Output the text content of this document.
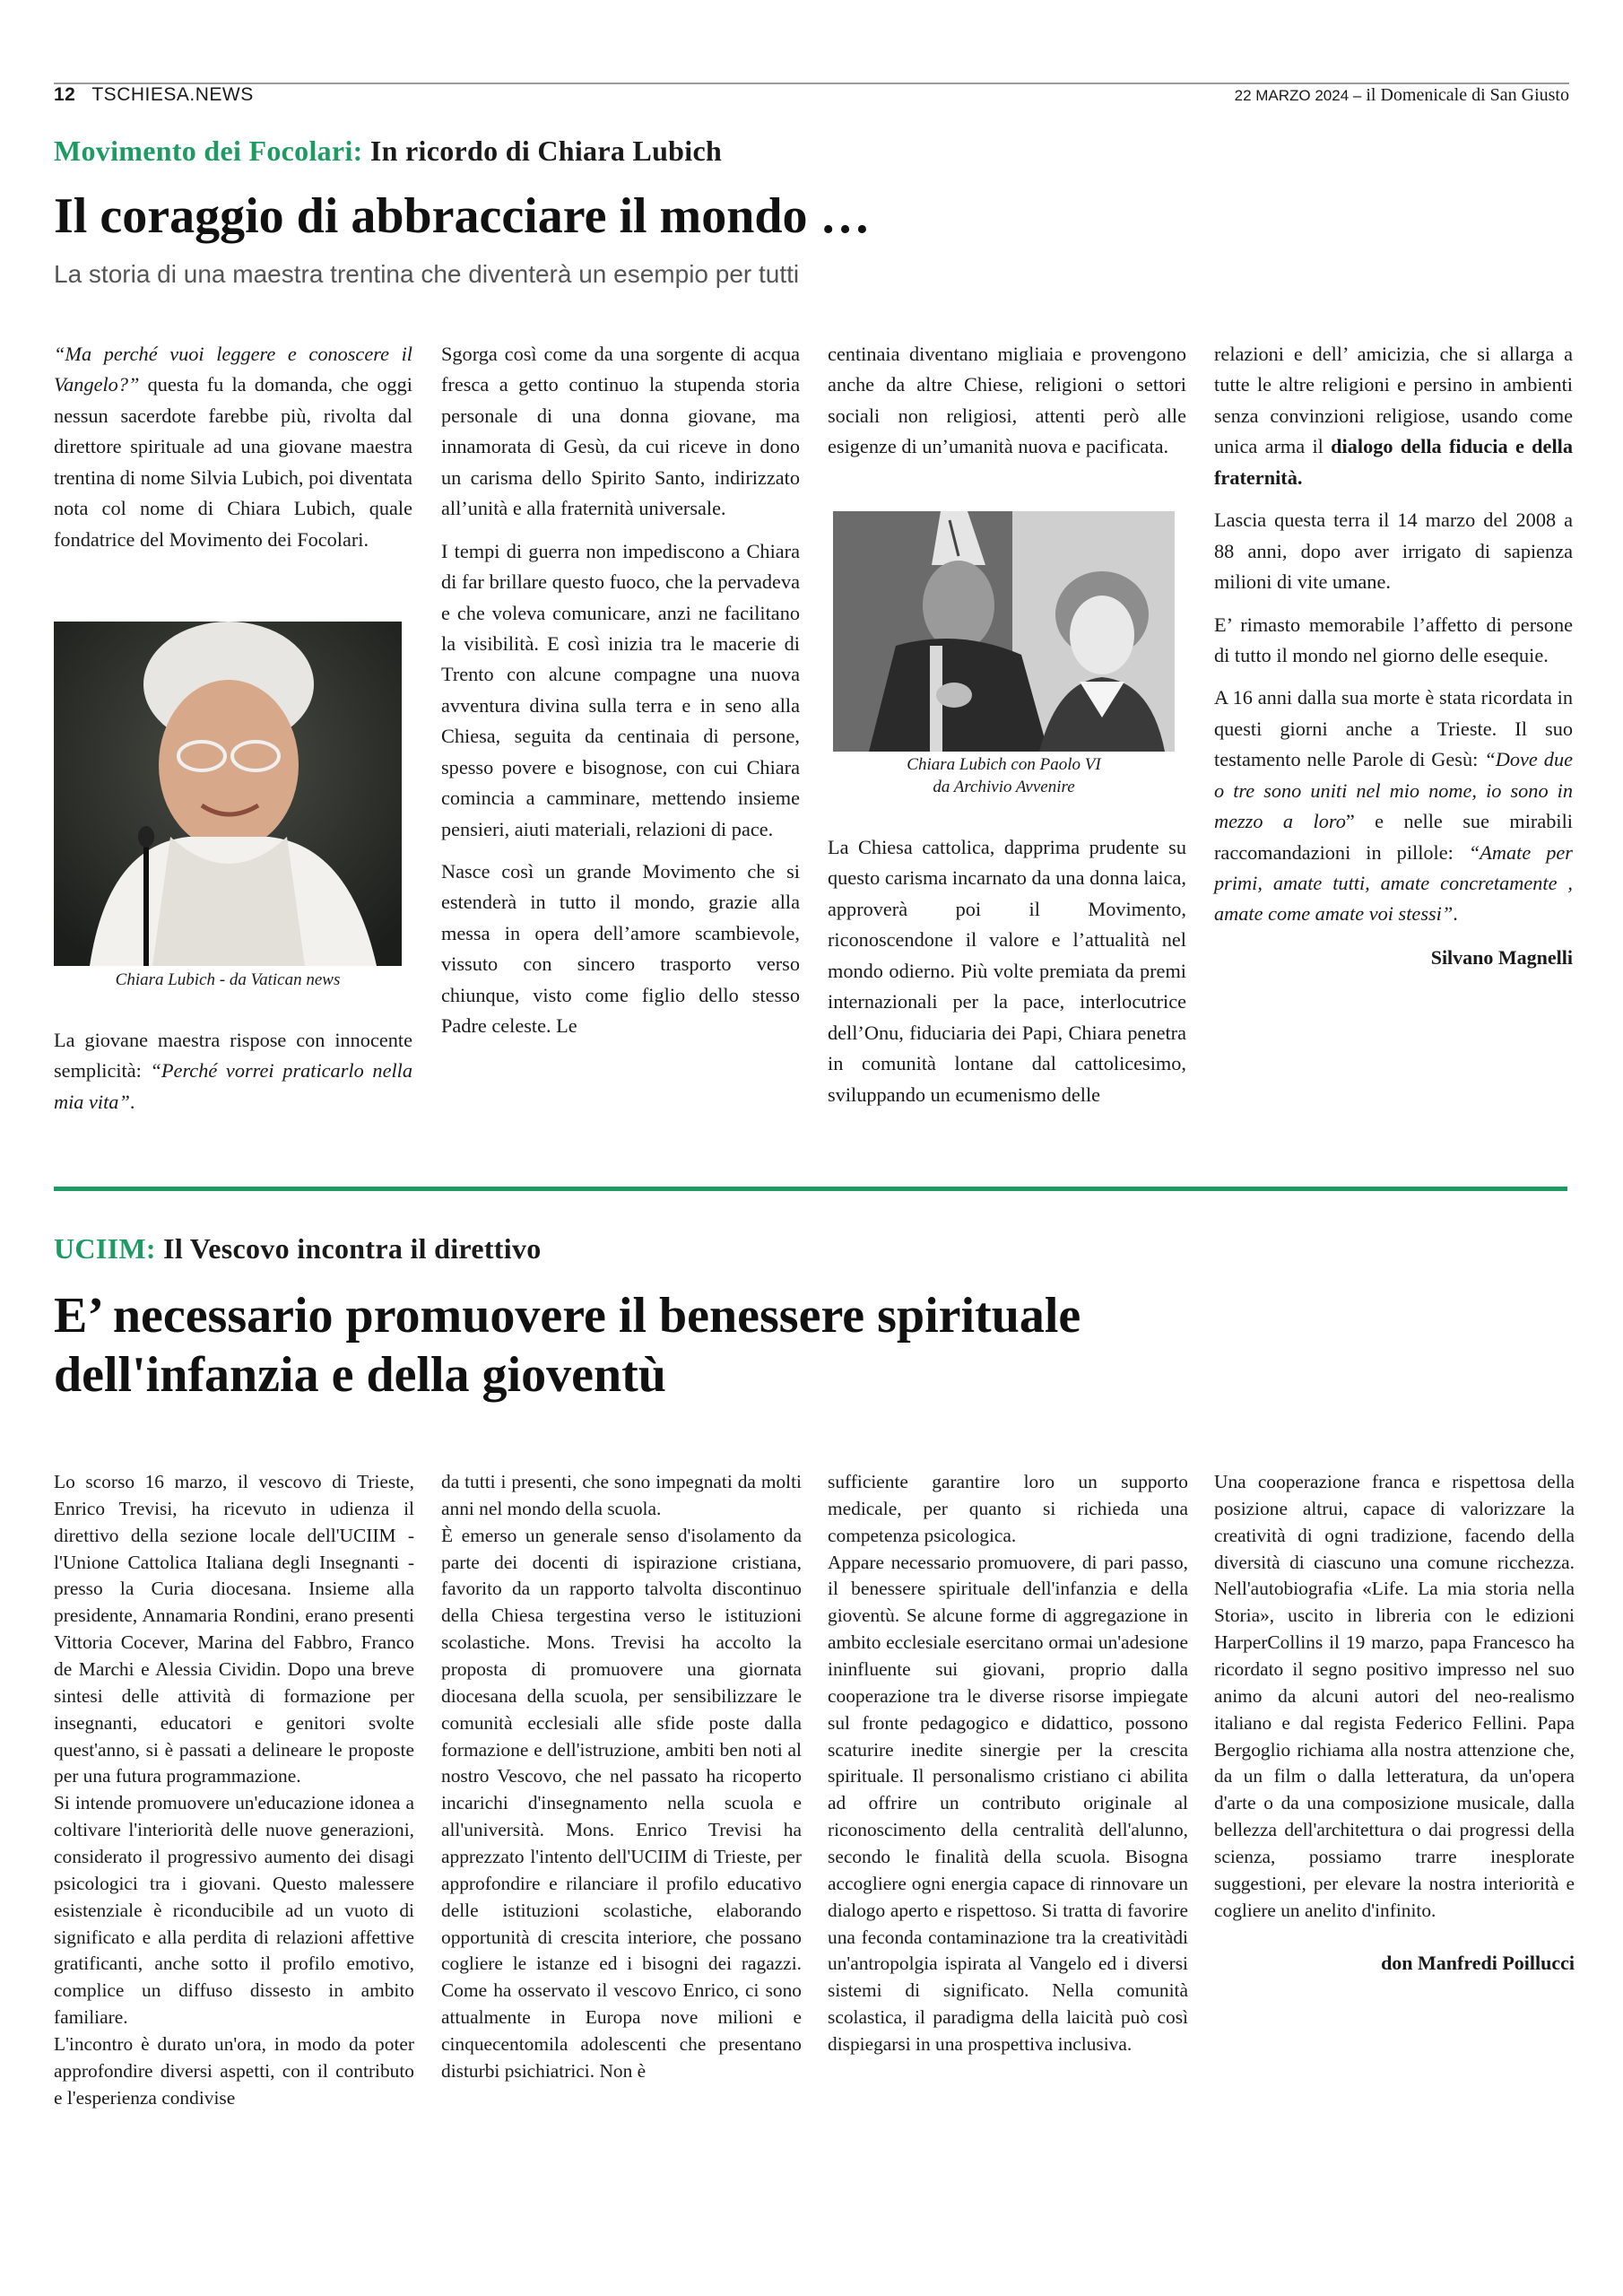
12 TSCHIESA.NEWS	22 MARZO 2024 – il Domenicale di San Giusto
Movimento dei Focolari: In ricordo di Chiara Lubich
Il coraggio di abbracciare il mondo …
La storia di una maestra trentina che diventerà un esempio per tutti

“Ma perché vuoi leggere e conoscere il Vangelo?” questa fu la domanda, che oggi nessun sacerdote farebbe più, rivolta dal direttore spirituale ad una giovane maestra trentina di nome Silvia Lubich, poi diventata nota col nome di Chiara Lubich, quale fondatrice del Movimento dei Focolari.

Chiara Lubich - da Vatican news

La giovane maestra rispose con innocente semplicità: “Perché vorrei praticarlo nella mia vita”.

Sgorga così come da una sorgente di acqua fresca a getto continuo la stupenda storia personale di una donna giovane, ma innamorata di Gesù, da cui riceve in dono un carisma dello Spirito Santo, indirizzato all’unità e alla fraternità universale.

I tempi di guerra non impediscono a Chiara di far brillare questo fuoco, che la pervadeva e che voleva comunicare, anzi ne facilitano la visibilità. E così inizia tra le macerie di Trento con alcune compagne una nuova avventura divina sulla terra e in seno alla Chiesa, seguita da centinaia di persone, spesso povere e bisognose, con cui Chiara comincia a camminare, mettendo insieme pensieri, aiuti materiali, relazioni di pace.

Nasce così un grande Movimento che si estenderà in tutto il mondo, grazie alla messa in opera dell’amore scambievole, vissuto con sincero trasporto verso chiunque, visto come figlio dello stesso Padre celeste. Le

centinaia diventano migliaia e provengono anche da altre Chiese, religioni o settori sociali non religiosi, attenti però alle esigenze di un’umanità nuova e pacificata.

Chiara Lubich con Paolo VI
da Archivio Avvenire

La Chiesa cattolica, dapprima prudente su questo carisma incarnato da una donna laica, approverà poi il Movimento, riconoscendone il valore e l’attualità nel mondo odierno. Più volte premiata da premi internazionali per la pace, interlocutrice dell’Onu, fiduciaria dei Papi, Chiara penetra in comunità lontane dal cattolicesimo, sviluppando un ecumenismo delle

relazioni e dell’ amicizia, che si allarga a tutte le altre religioni e persino in ambienti senza convinzioni religiose, usando come unica arma il dialogo della fiducia e della fraternità.

Lascia questa terra il 14 marzo del 2008 a 88 anni, dopo aver irrigato di sapienza milioni di vite umane.

E’ rimasto memorabile l’affetto di persone di tutto il mondo nel giorno delle esequie.

A 16 anni dalla sua morte è stata ricordata in questi giorni anche a Trieste. Il suo testamento nelle Parole di Gesù: “Dove due o tre sono uniti nel mio nome, io sono in mezzo a loro” e nelle sue mirabili raccomandazioni in pillole: “Amate per primi, amate tutti, amate concretamente , amate come amate voi stessi”.

Silvano Magnelli
UCIIM: Il Vescovo incontra il direttivo
E’ necessario promuovere il benessere spirituale
dell'infanzia e della gioventù

Lo scorso 16 marzo, il vescovo di Trieste, Enrico Trevisi, ha ricevuto in udienza il direttivo della sezione locale dell'UCIIM - l'Unione Cattolica Italiana degli Insegnanti - presso la Curia diocesana. Insieme alla presidente, Annamaria Rondini, erano presenti Vittoria Cocever, Marina del Fabbro, Franco de Marchi e Alessia Cividin. Dopo una breve sintesi delle attività di formazione per insegnanti, educatori e genitori svolte quest'anno, si è passati a delineare le proposte per una futura programmazione.

Si intende promuovere un'educazione idonea a coltivare l'interiorità delle nuove generazioni, considerato il progressivo aumento dei disagi psicologici tra i giovani. Questo malessere esistenziale è riconducibile ad un vuoto di significato e alla perdita di relazioni affettive gratificanti, anche sotto il profilo emotivo, complice un diffuso dissesto in ambito familiare.

L'incontro è durato un'ora, in modo da poter approfondire diversi aspetti, con il contributo e l'esperienza condivise

da tutti i presenti, che sono impegnati da molti anni nel mondo della scuola.

È emerso un generale senso d'isolamento da parte dei docenti di ispirazione cristiana, favorito da un rapporto talvolta discontinuo della Chiesa tergestina verso le istituzioni scolastiche. Mons. Trevisi ha accolto la proposta di promuovere una giornata diocesana della scuola, per sensibilizzare le comunità ecclesiali alle sfide poste dalla formazione e dell'istruzione, ambiti ben noti al nostro Vescovo, che nel passato ha ricoperto incarichi d'insegnamento nella scuola e all'università. Mons. Enrico Trevisi ha apprezzato l'intento dell'UCIIM di Trieste, per approfondire e rilanciare il profilo educativo delle istituzioni scolastiche, elaborando opportunità di crescita interiore, che possano cogliere le istanze ed i bisogni dei ragazzi. Come ha osservato il vescovo Enrico, ci sono attualmente in Europa nove milioni e cinquecentomila adolescenti che presentano disturbi psichiatrici. Non è

sufficiente garantire loro un supporto medicale, per quanto si richieda una competenza psicologica.

Appare necessario promuovere, di pari passo, il benessere spirituale dell'infanzia e della gioventù. Se alcune forme di aggregazione in ambito ecclesiale esercitano ormai un'adesione ininfluente sui giovani, proprio dalla cooperazione tra le diverse risorse impiegate sul fronte pedagogico e didattico, possono scaturire inedite sinergie per la crescita spirituale. Il personalismo cristiano ci abilita ad offrire un contributo originale al riconoscimento della centralità dell'alunno, secondo le finalità della scuola. Bisogna accogliere ogni energia capace di rinnovare un dialogo aperto e rispettoso. Si tratta di favorire una feconda contaminazione tra la creativitàdi un'antropolgia ispirata al Vangelo ed i diversi sistemi di significato. Nella comunità scolastica, il paradigma della laicità può così dispiegarsi in una prospettiva inclusiva.

Una cooperazione franca e rispettosa della posizione altrui, capace di valorizzare la creatività di ogni tradizione, facendo della diversità di ciascuno una comune ricchezza. Nell'autobiografia «Life. La mia storia nella Storia», uscito in libreria con le edizioni HarperCollins il 19 marzo, papa Francesco ha ricordato il segno positivo impresso nel suo animo da alcuni autori del neo-realismo italiano e dal regista Federico Fellini. Papa Bergoglio richiama alla nostra attenzione che, da un film o dalla letteratura, da un'opera d'arte o da una composizione musicale, dalla bellezza dell'architettura o dai progressi della scienza, possiamo trarre inesplorate suggestioni, per elevare la nostra interiorità e cogliere un anelito d'infinito.

don Manfredi Poillucci
